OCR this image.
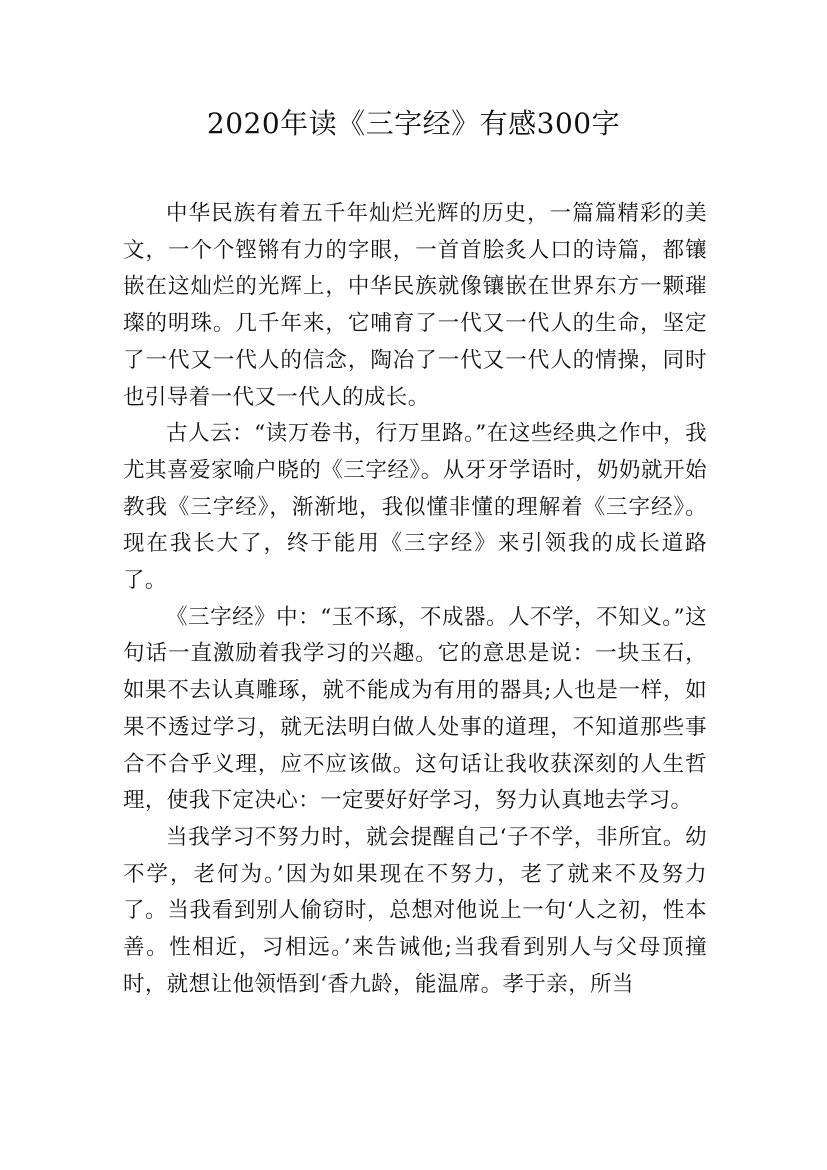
2020年读《三字经》有感300字

中华民族有着五千年灿烂光辉的历史，一篇篇精彩的美文，一个个铿锵有力的字眼，一首首脍炙人口的诗篇，都镶嵌在这灿烂的光辉上，中华民族就像镶嵌在世界东方一颗璀璨的明珠。几千年来，它哺育了一代又一代人的生命，坚定了一代又一代人的信念，陶冶了一代又一代人的情操，同时也引导着一代又一代人的成长。

古人云：“读万卷书，行万里路。”在这些经典之作中，我尤其喜爱家喻户晓的《三字经》。从牙牙学语时，奶奶就开始教我《三字经》，渐渐地，我似懂非懂的理解着《三字经》。现在我长大了，终于能用《三字经》来引领我的成长道路了。

《三字经》中：“玉不琢，不成器。人不学，不知义。”这句话一直激励着我学习的兴趣。它的意思是说：一块玉石，如果不去认真雕琢，就不能成为有用的器具;人也是一样，如果不透过学习，就无法明白做人处事的道理，不知道那些事合不合乎义理，应不应该做。这句话让我收获深刻的人生哲理，使我下定决心：一定要好好学习，努力认真地去学习。

当我学习不努力时，就会提醒自己‘子不学，非所宜。幼不学，老何为。’因为如果现在不努力，老了就来不及努力了。当我看到别人偷窃时，总想对他说上一句‘人之初，性本善。性相近，习相远。’来告诫他;当我看到别人与父母顶撞时，就想让他领悟到‘香九龄，能温席。孝于亲，所当
